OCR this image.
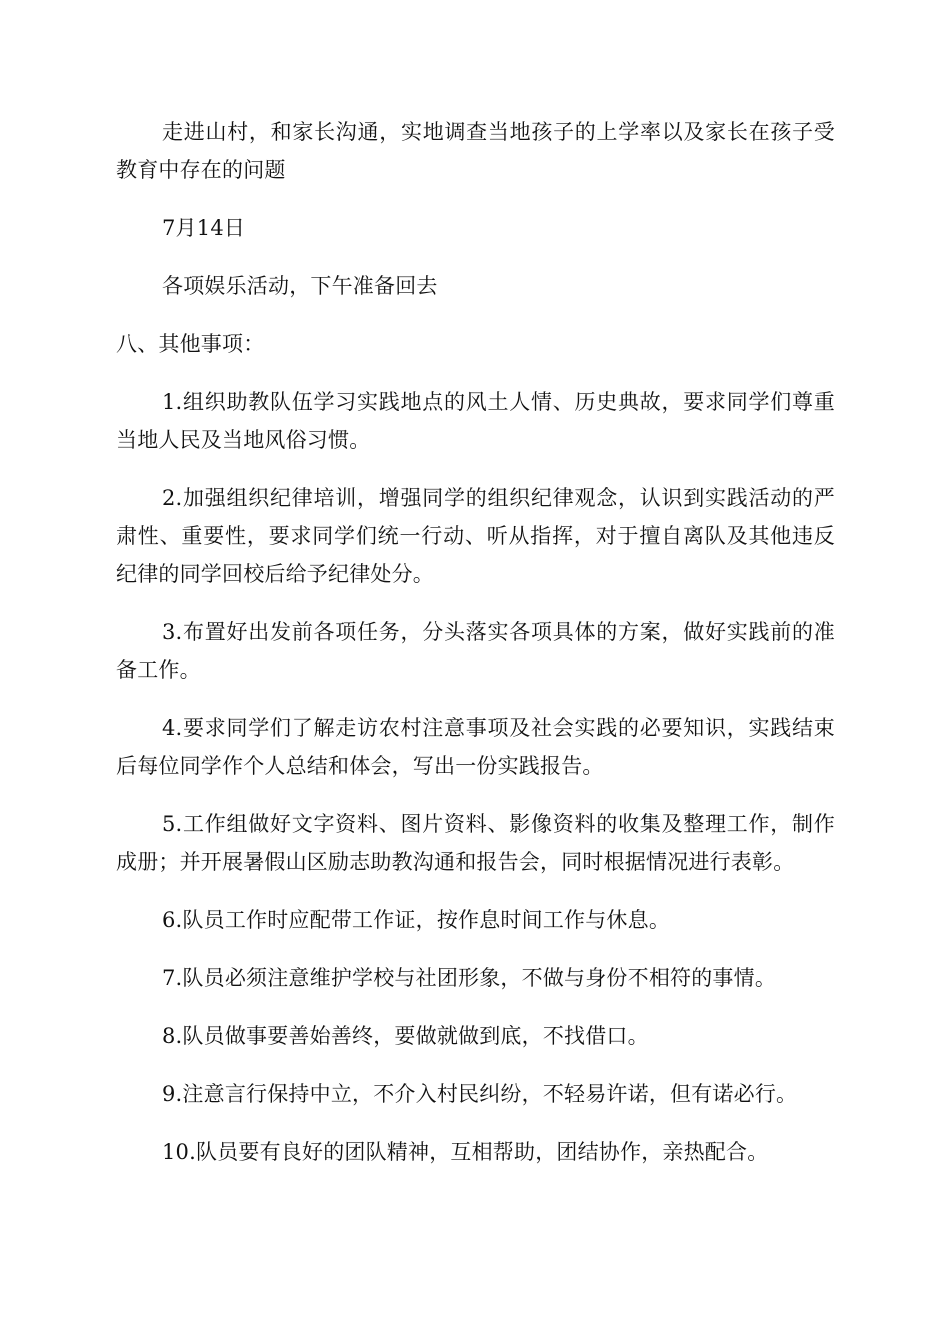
走进山村，和家长沟通，实地调查当地孩子的上学率以及家长在孩子受教育中存在的问题

7月14日

各项娱乐活动，下午准备回去

八、其他事项：

1.组织助教队伍学习实践地点的风土人情、历史典故，要求同学们尊重当地人民及当地风俗习惯。

2.加强组织纪律培训，增强同学的组织纪律观念，认识到实践活动的严肃性、重要性，要求同学们统一行动、听从指挥，对于擅自离队及其他违反纪律的同学回校后给予纪律处分。

3.布置好出发前各项任务，分头落实各项具体的方案，做好实践前的准备工作。

4.要求同学们了解走访农村注意事项及社会实践的必要知识，实践结束后每位同学作个人总结和体会，写出一份实践报告。

5.工作组做好文字资料、图片资料、影像资料的收集及整理工作，制作成册；并开展暑假山区励志助教沟通和报告会，同时根据情况进行表彰。

6.队员工作时应配带工作证，按作息时间工作与休息。

7.队员必须注意维护学校与社团形象，不做与身份不相符的事情。

8.队员做事要善始善终，要做就做到底，不找借口。

9.注意言行保持中立，不介入村民纠纷，不轻易许诺，但有诺必行。

10.队员要有良好的团队精神，互相帮助，团结协作，亲热配合。
